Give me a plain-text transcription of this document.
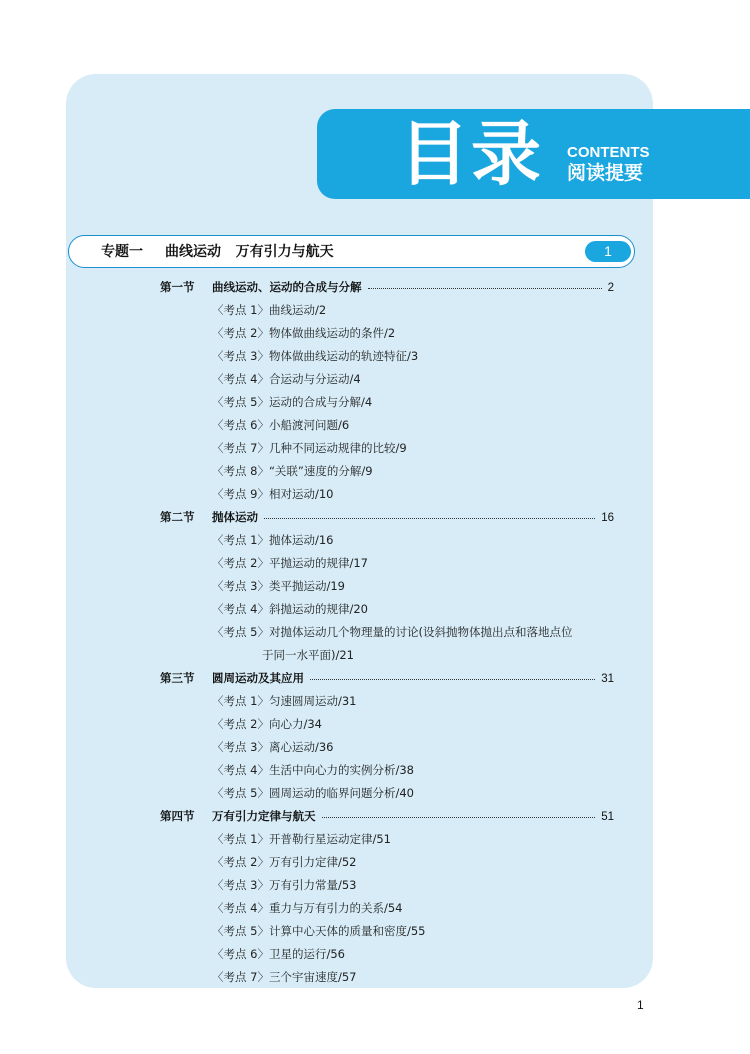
目录 CONTENTS
阅读提要
专题一 曲线运动   万有引力与航天	1
第一节 曲线运动、运动的合成与分解	2
〈考点 1〉曲线运动/2
〈考点 2〉物体做曲线运动的条件/2
〈考点 3〉物体做曲线运动的轨迹特征/3
〈考点 4〉合运动与分运动/4
〈考点 5〉运动的合成与分解/4
〈考点 6〉小船渡河问题/6
〈考点 7〉几种不同运动规律的比较/9
〈考点 8〉“关联”速度的分解/9
〈考点 9〉相对运动/10
第二节 抛体运动	16
〈考点 1〉抛体运动/16
〈考点 2〉平抛运动的规律/17
〈考点 3〉类平抛运动/19
〈考点 4〉斜抛运动的规律/20
〈考点 5〉对抛体运动几个物理量的讨论(设斜抛物体抛出点和落地点位
于同一水平面)/21
第三节 圆周运动及其应用	31
〈考点 1〉匀速圆周运动/31
〈考点 2〉向心力/34
〈考点 3〉离心运动/36
〈考点 4〉生活中向心力的实例分析/38
〈考点 5〉圆周运动的临界问题分析/40
第四节 万有引力定律与航天	51
〈考点 1〉开普勒行星运动定律/51
〈考点 2〉万有引力定律/52
〈考点 3〉万有引力常量/53
〈考点 4〉重力与万有引力的关系/54
〈考点 5〉计算中心天体的质量和密度/55
〈考点 6〉卫星的运行/56
〈考点 7〉三个宇宙速度/57
1
